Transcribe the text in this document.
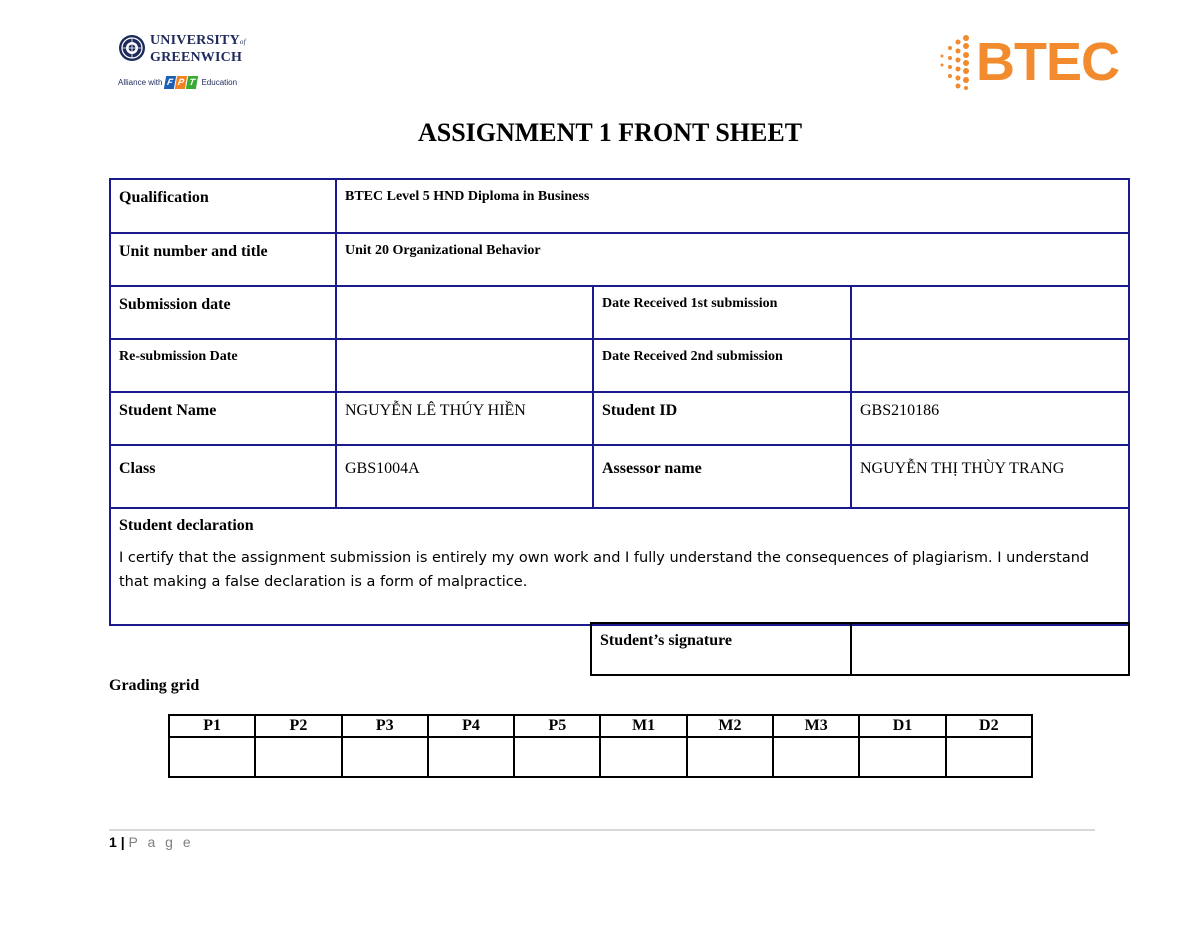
UNIVERSITYof
GREENWICH
Alliance with F P T Education	BTEC
ASSIGNMENT 1 FRONT SHEET
Qualification	BTEC Level 5 HND Diploma in Business		

Unit number and title	Unit 20 Organizational Behavior		

Submission date		Date Received 1st submission	

Re-submission Date		Date Received 2nd submission	

Student Name	NGUYỄN LÊ THÚY HIỀN	Student ID	GBS210186

Class	GBS1004A	Assessor name	NGUYỄN THỊ THÙY TRANG

Student declaration
I certify that the assignment submission is entirely my own work and I fully understand the consequences of plagiarism. I understand that making a false declaration is a form of malpractice.			
Student’s signature	
Grading grid
P1	P2	P3	P4	P5	M1	M2	M3	D1	D2

1 | P a g e
